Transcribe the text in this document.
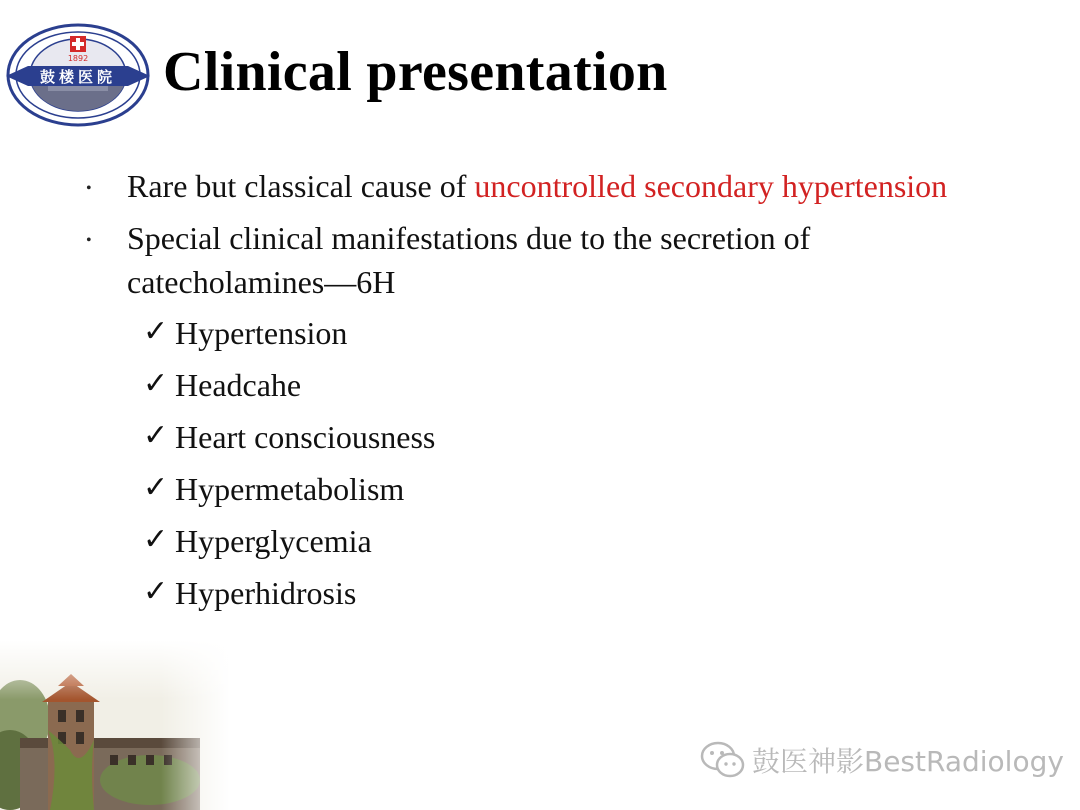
1892
鼓楼医院 Clinical presentation
• Rare but classical cause of uncontrolled secondary hypertension
• Special clinical manifestations due to the secretion of
catecholamines—6H
✓ Hypertension
✓ Headcahe
✓ Heart consciousness
✓ Hypermetabolism
✓ Hyperglycemia
✓ Hyperhidrosis
鼓医神影BestRadiology
